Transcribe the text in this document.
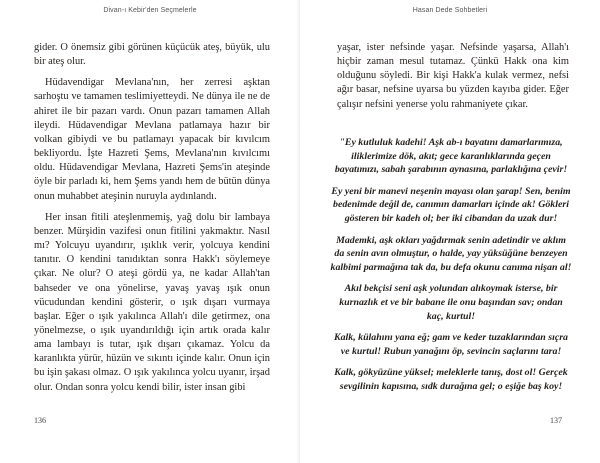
Divan-ı Kebir'den Seçmelerle

gider. O önemsiz gibi görünen küçücük ateş, büyük, ulu bir ateş olur.

Hüdavendigar Mevlana'nın, her zerresi aşktan sarhoştu ve tamamen teslimiyetteydi. Ne dünya ile ne de ahiret ile bir pazarı vardı. Onun pazarı tamamen Allah ileydi. Hüdavendigar Mevlana patlamaya hazır bir volkan gibiydi ve bu patlamayı yapacak bir kıvılcım bekliyordu. İşte Hazreti Şems, Mevlana'nın kıvılcımı oldu. Hüdavendigar Mevlana, Hazreti Şems'in ateşinde öyle bir parladı ki, hem Şems yandı hem de bütün dünya onun muhabbet ateşinin nuruyla aydınlandı.

Her insan fitili ateşlenmemiş, yağ dolu bir lambaya benzer. Mürşidin vazifesi onun fitilini yakmaktır. Nasıl mı? Yolcuyu uyandırır, ışıklık verir, yolcuya kendini tanıtır. O kendini tanıdıktan sonra Hakk'ı söylemeye çıkar. Ne olur? O ateşi gördü ya, ne kadar Allah'tan bahseder ve ona yönelirse, yavaş yavaş ışık onun vücudundan kendini gösterir, o ışık dışarı vurmaya başlar. Eğer o ışık yakılınca Allah'ı dile getirmez, ona yönelmezse, o ışık uyandırıldığı için artık orada kalır ama lambayı is tutar, ışık dışarı çıkamaz. Yolcu da karanlıkta yürür, hüzün ve sıkıntı içinde kalır. Onun için bu işin şakası olmaz. O ışık yakılınca yolcu uyanır, irşad olur. Ondan sonra yolcu kendi bilir, ister insan gibi

136
Hasan Dede Sohbetleri

yaşar, ister nefsinde yaşar. Nefsinde yaşarsa, Allah'ı hiçbir zaman mesul tutamaz. Çünkü Hakk ona kim olduğunu söyledi. Bir kişi Hakk'a kulak vermez, nefsi ağır basar, nefsine uyarsa bu yüzden kayıba gider. Eğer çalışır nefsini yenerse yolu rahmaniyete çıkar.

"Ey kutluluk kadehi! Aşk ab-ı bayatını damarlarımıza, iliklerimize dök, akıt; gece karanlıklarında geçen bayatımızı, sabah şarabının aynasına, parlaklığına çevir!

Ey yeni bir manevi neşenin mayası olan şarap! Sen, benim bedenimde değil de, canımın damarları içinde ak! Gökleri gösteren bir kadeh ol; ber iki cibandan da uzak dur!

Mademki, aşk okları yağdırmak senin adetindir ve aklım da senin avın olmuştur, o halde, yay yüksüğüne benzeyen kalbimi parmağına tak da, bu defa okunu canıma nişan al!

Akıl bekçisi seni aşk yolundan alıkoymak isterse, bir kurnazlık et ve bir babane ile onu başından sav; ondan kaç, kurtul!

Kalk, külahını yana eğ; gam ve keder tuzaklarından sıçra ve kurtul! Rubun yanağını öp, sevincin saçlarını tara!

Kalk, gökyüzüne yüksel; meleklerle tanış, dost ol! Gerçek sevgilinin kapısına, sıdk durağına gel; o eşiğe baş koy!

137
